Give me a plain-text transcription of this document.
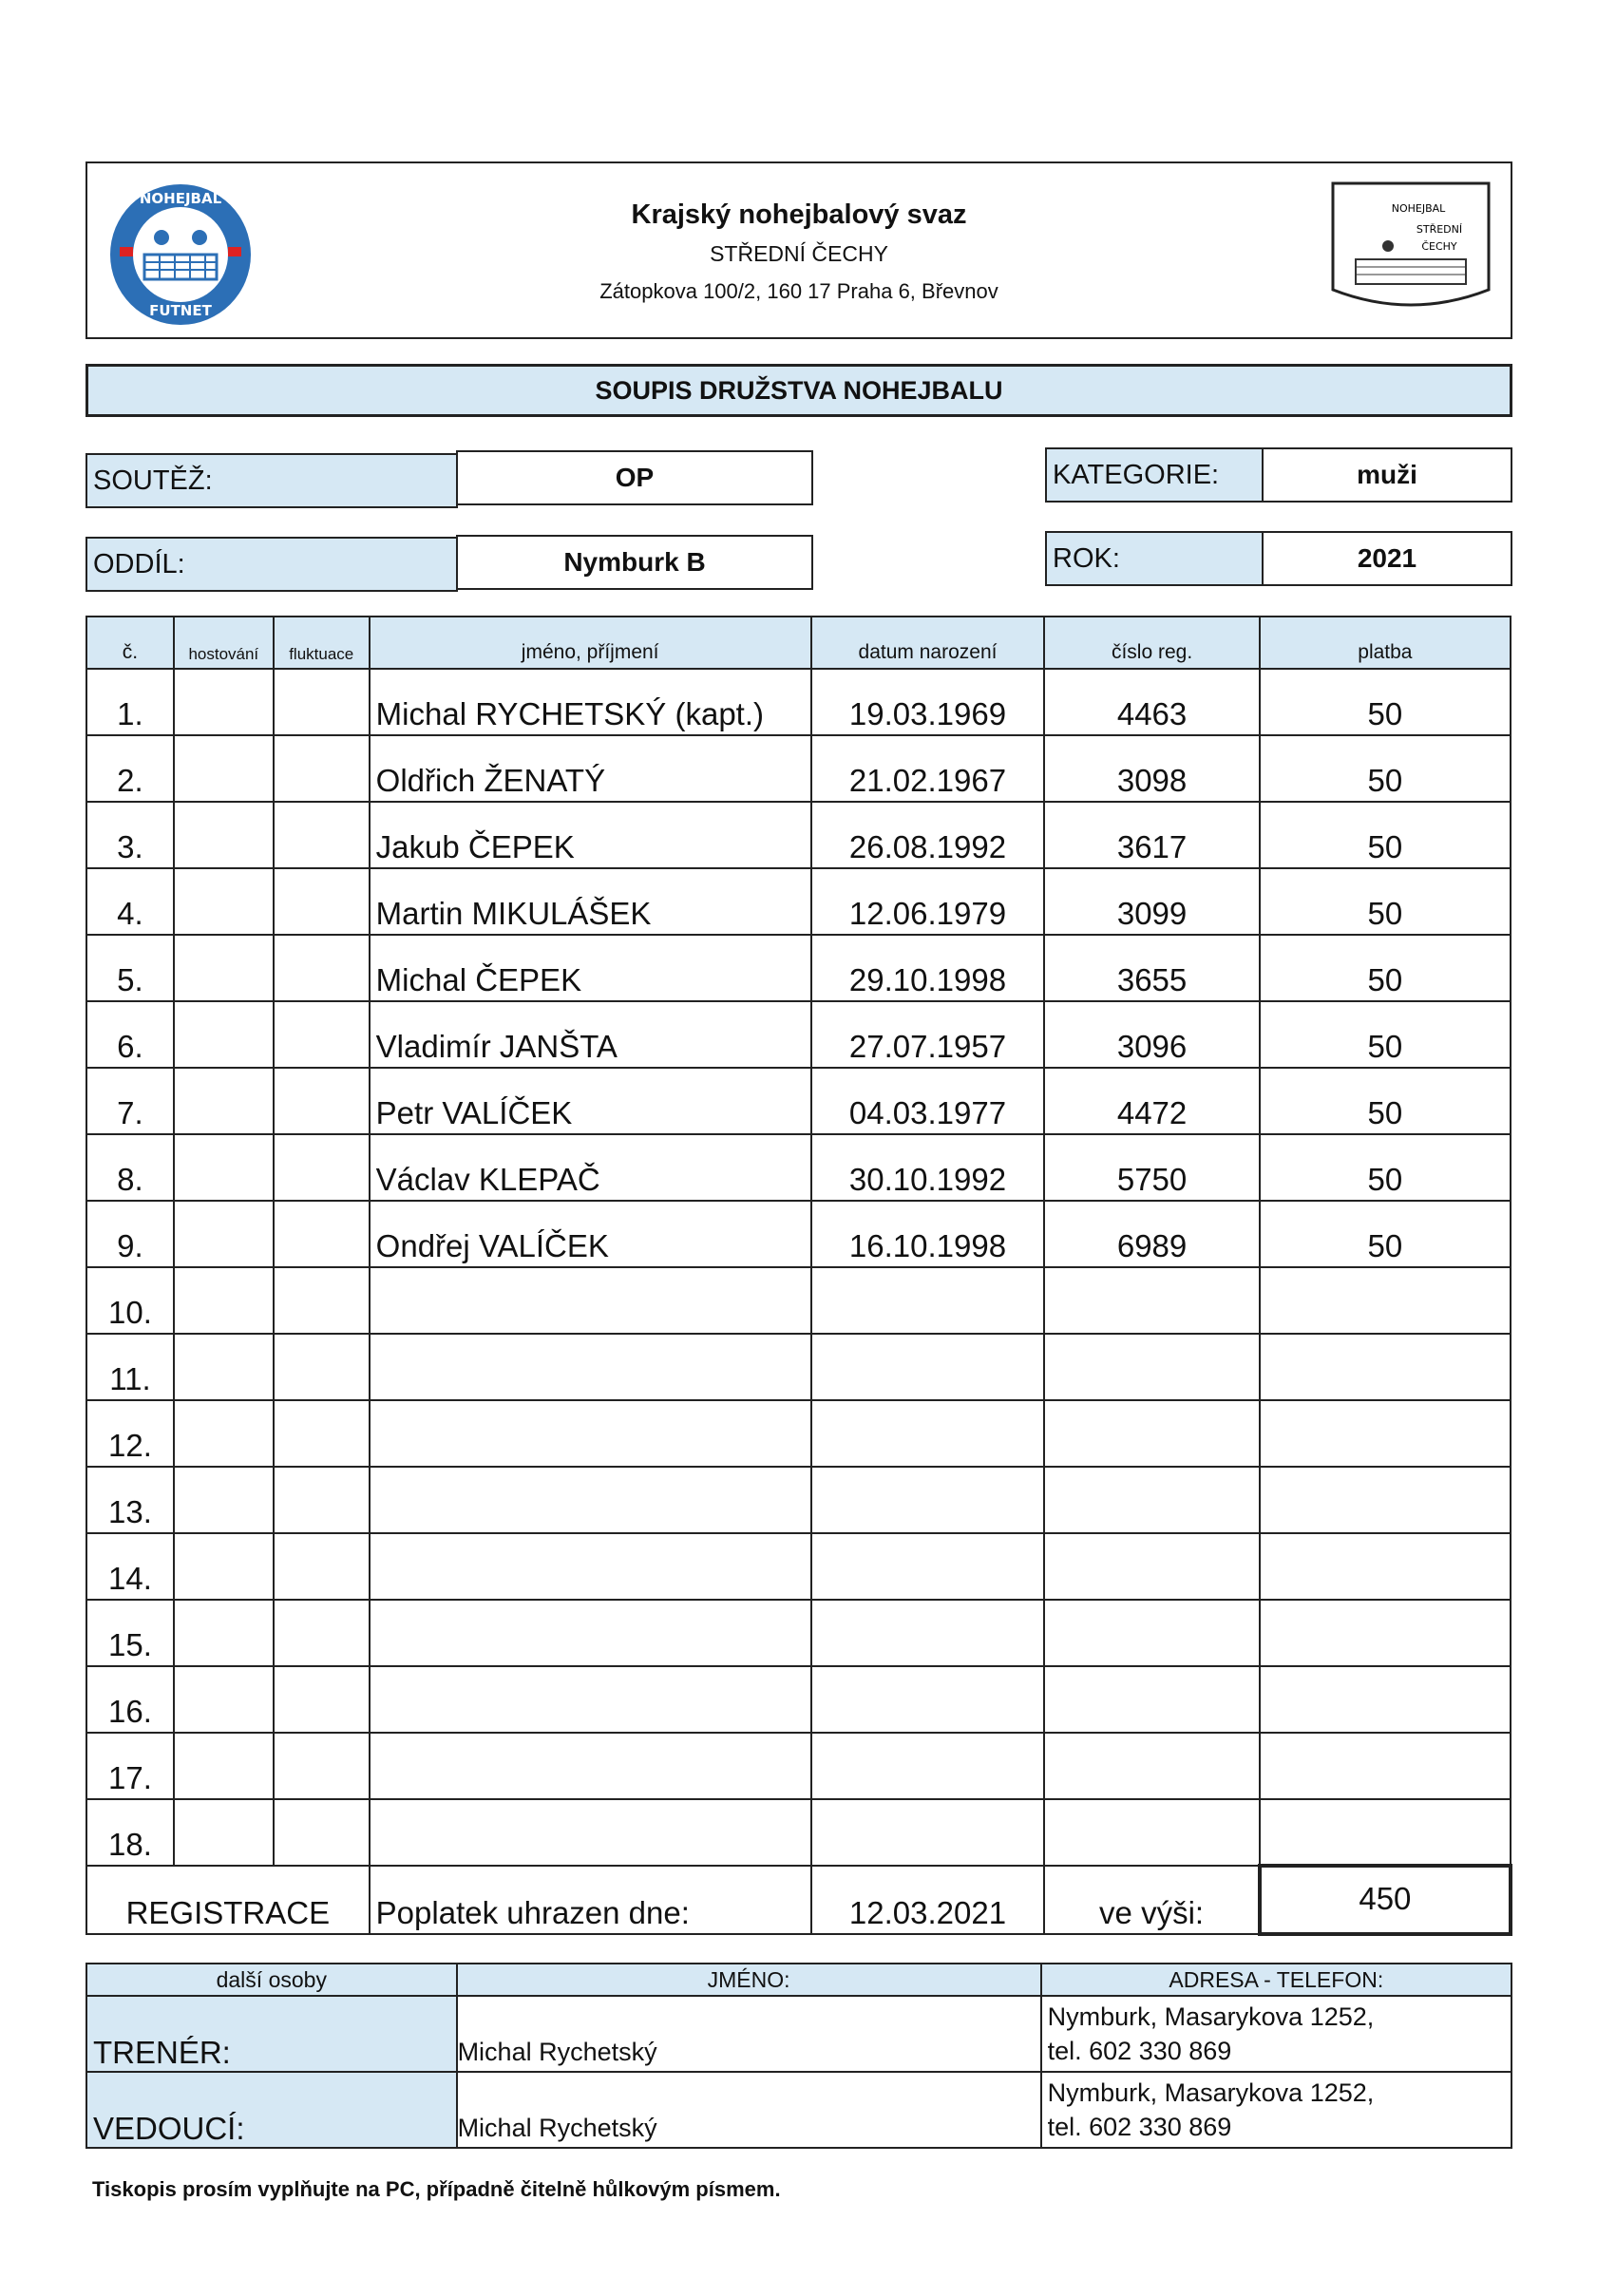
NOHEJBAL
FUTNET
Krajský nohejbalový svaz
STŘEDNÍ ČECHY
Zátopkova 100/2, 160 17 Praha 6, Břevnov
NOHEJBAL
STŘEDNÍ
ČECHY
SOUPIS DRUŽSTVA NOHEJBALU
SOUTĚŽ:	OP	KATEGORIE:	muži
ODDÍL:	Nymburk B	ROK:	2021
č.	hostování	fluktuace	jméno, příjmení	datum narození	číslo reg.	platba
1.			Michal RYCHETSKÝ (kapt.)	19.03.1969	4463	50
2.			Oldřich ŽENATÝ	21.02.1967	3098	50
3.			Jakub ČEPEK	26.08.1992	3617	50
4.			Martin MIKULÁŠEK	12.06.1979	3099	50
5.			Michal ČEPEK	29.10.1998	3655	50
6.			Vladimír JANŠTA	27.07.1957	3096	50
7.			Petr VALÍČEK	04.03.1977	4472	50
8.			Václav KLEPAČ	30.10.1992	5750	50
9.			Ondřej VALÍČEK	16.10.1998	6989	50
10.						
11.						
12.						
13.						
14.						
15.						
16.						
17.						
18.						
REGISTRACE			Poplatek uhrazen dne:	12.03.2021	ve výši:	450
další osoby	JMÉNO:	ADRESA - TELEFON:
TRENÉR:	Michal Rychetský	Nymburk, Masarykova 1252,
tel. 602 330 869

VEDOUCÍ:	Michal Rychetský	Nymburk, Masarykova 1252,
tel. 602 330 869
Tiskopis prosím vyplňujte na PC, případně čitelně hůlkovým písmem.
